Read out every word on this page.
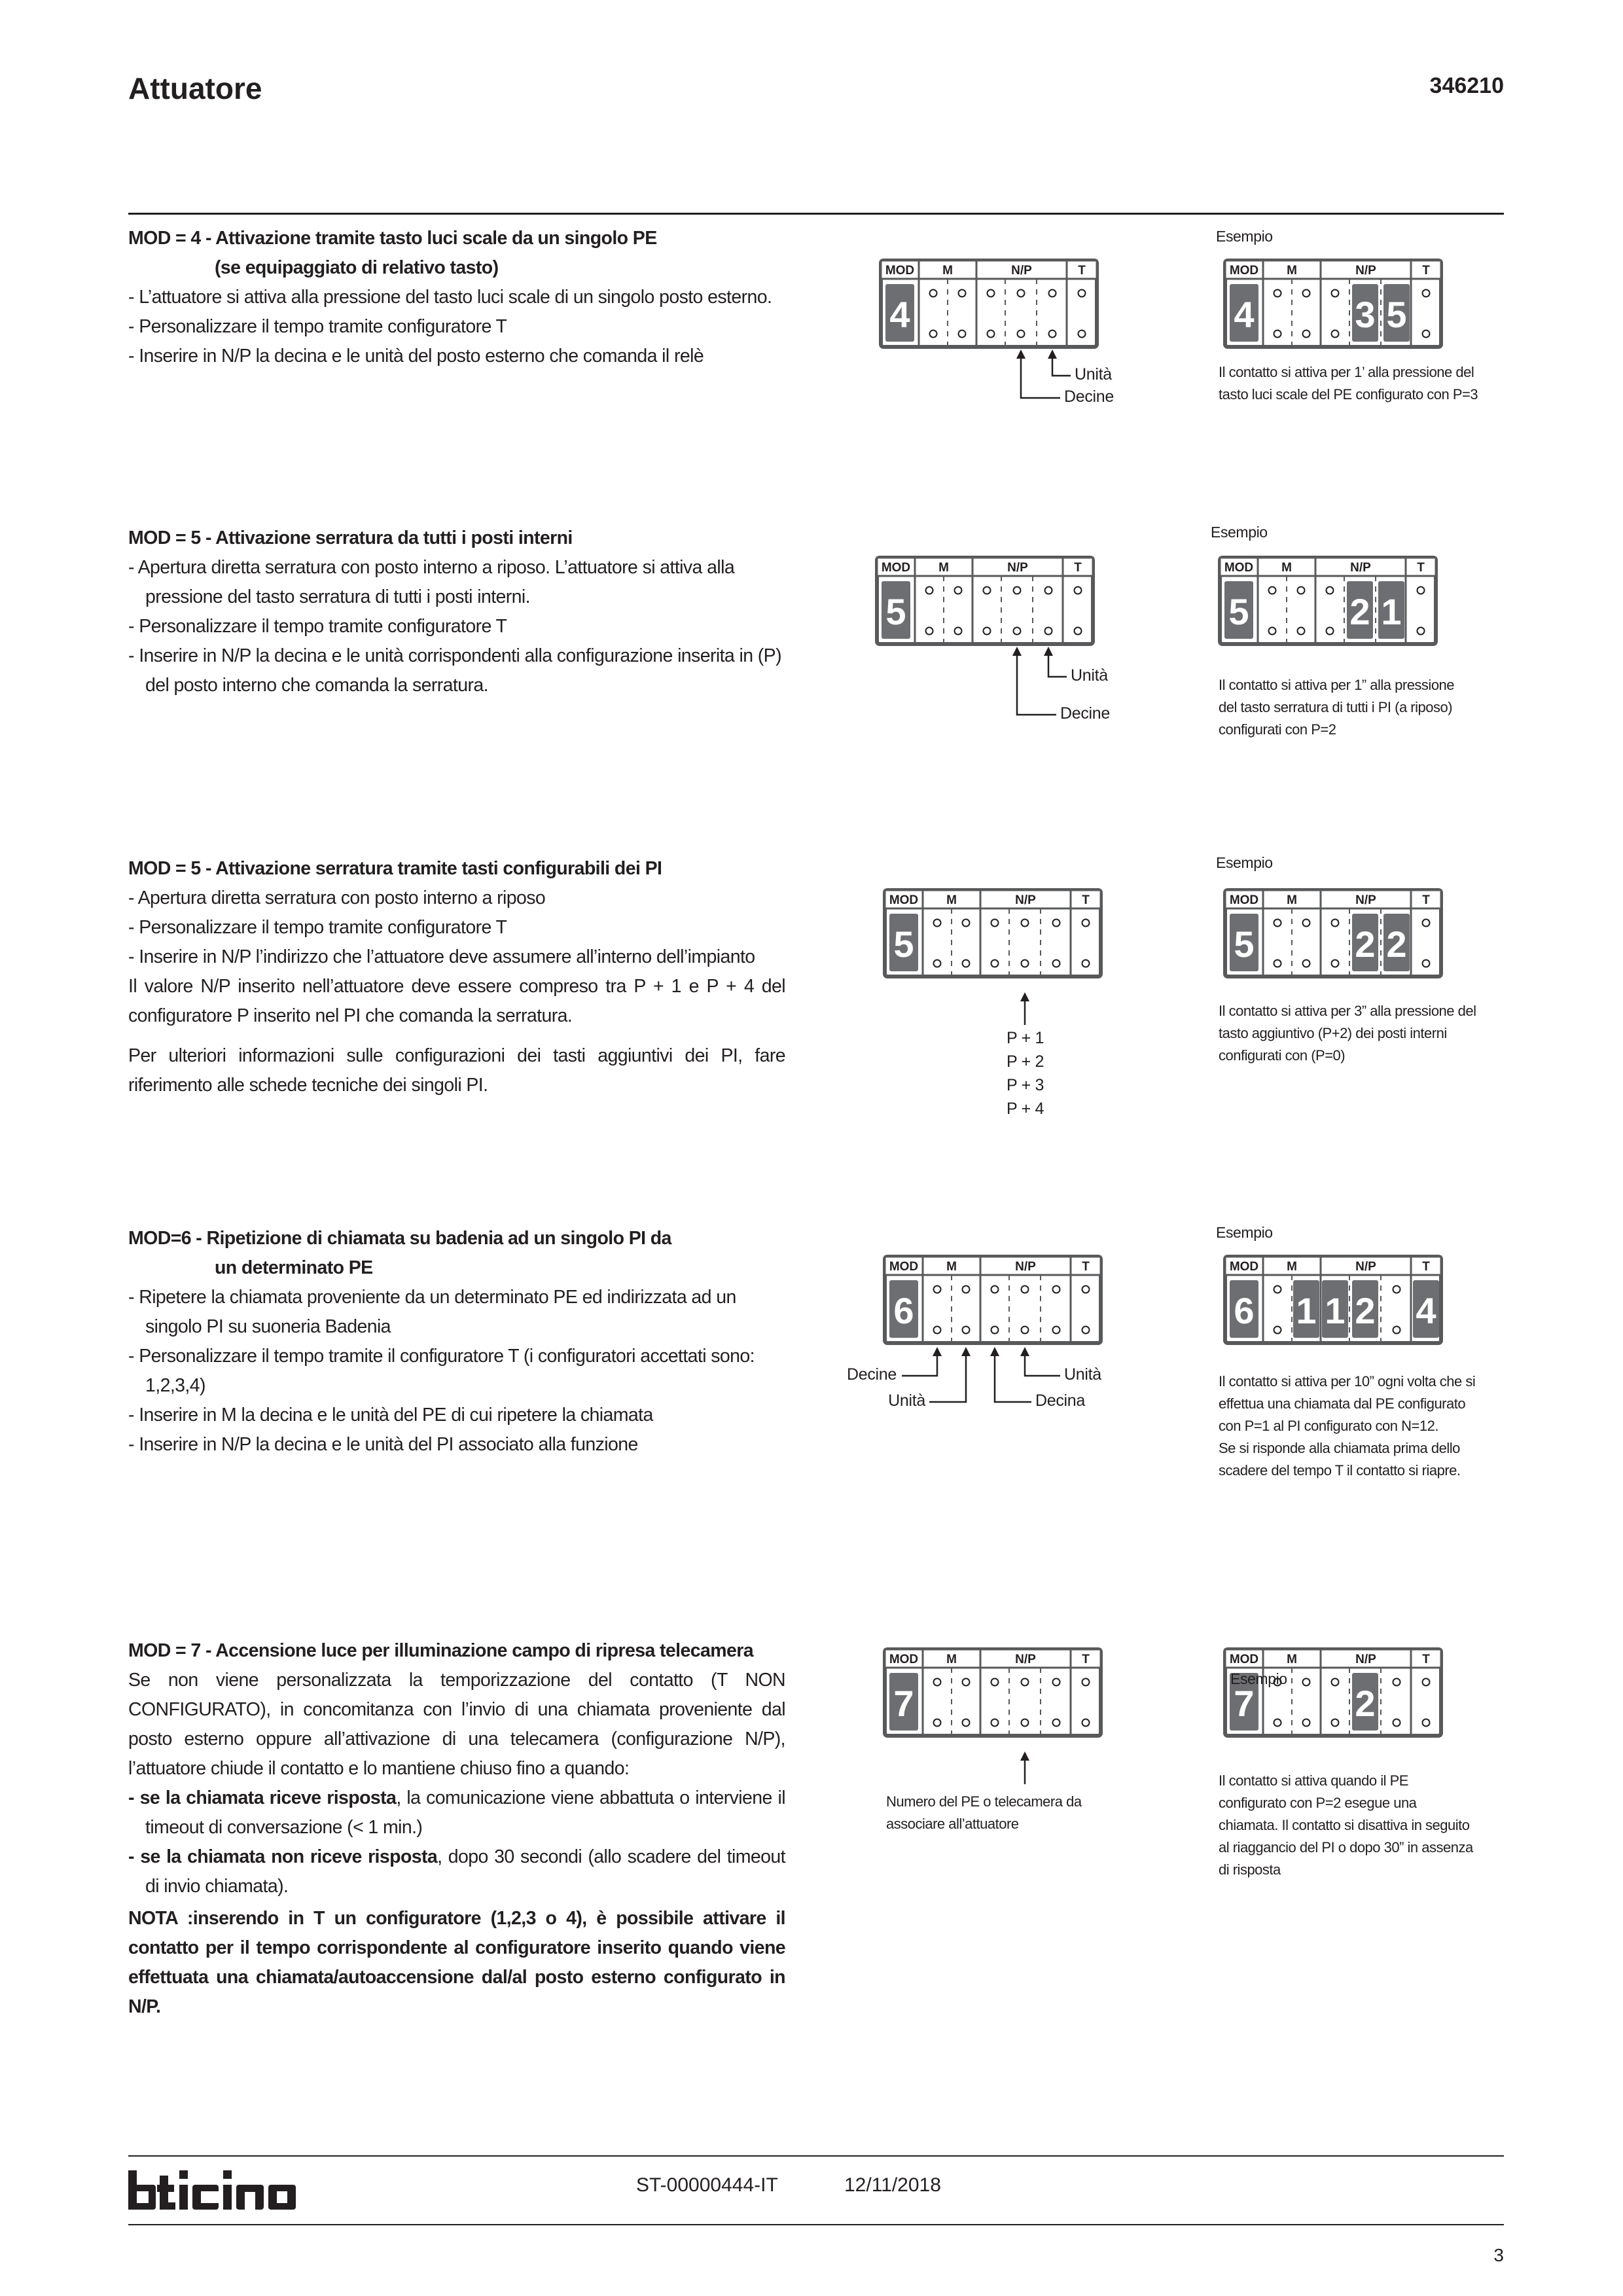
Attuatore	346210
MOD = 4 - Attivazione tramite tasto luci scale da un singolo PE
(se equipaggiato di relativo tasto)
- L’attuatore si attiva alla pressione del tasto luci scale di un singolo posto esterno.
- Personalizzare il tempo tramite configuratore T
- Inserire in N/P la decina e le unità del posto esterno che comanda il relè
MOD M	N/P	T
4
Unità
Decine
Esempio
MOD M	N/P	T
4	3 5
Il contatto si attiva per 1’ alla pressione del
tasto luci scale del PE configurato con P=3
MOD = 5 - Attivazione serratura da tutti i posti interni
- Apertura diretta serratura con posto interno a riposo. L’attuatore si attiva alla pressione del tasto serratura di tutti i posti interni.
- Personalizzare il tempo tramite configuratore T
- Inserire in N/P la decina e le unità corrispondenti alla configurazione inserita in (P) del posto interno che comanda la serratura.
MOD M	N/P	T
5
Unità
Decine
Esempio
MOD M	N/P	T
5	2 1
Il contatto si attiva per 1” alla pressione
del tasto serratura di tutti i PI (a riposo)
configurati con P=2
MOD = 5 - Attivazione serratura tramite tasti configurabili dei PI
- Apertura diretta serratura con posto interno a riposo
- Personalizzare il tempo tramite configuratore T
- Inserire in N/P l’indirizzo che l’attuatore deve assumere all’interno dell’impianto
Il valore N/P inserito nell’attuatore deve essere compreso tra P + 1 e P + 4 del configuratore P inserito nel PI che comanda la serratura.
Per ulteriori informazioni sulle configurazioni dei tasti aggiuntivi dei PI, fare riferimento alle schede tecniche dei singoli PI.
MOD M	N/P	T
5
P + 1
P + 2
P + 3
P + 4
Esempio
MOD M	N/P	T
5	2 2
Il contatto si attiva per 3” alla pressione del
tasto aggiuntivo (P+2) dei posti interni
configurati con (P=0)
MOD=6 - Ripetizione di chiamata su badenia ad un singolo PI da
un determinato PE
- Ripetere la chiamata proveniente da un determinato PE ed indirizzata ad un singolo PI su suoneria Badenia
- Personalizzare il tempo tramite il configuratore T (i configuratori accettati sono: 1,2,3,4)
- Inserire in M la decina e le unità del PE di cui ripetere la chiamata
- Inserire in N/P la decina e le unità del PI associato alla funzione
MOD M	N/P	T
6
Decine
Unità	Decina
Unità
Esempio
MOD M	N/P	T
6 1 1 2 4
Il contatto si attiva per 10” ogni volta che si
effettua una chiamata dal PE configurato
con P=1 al PI configurato con N=12.
Se si risponde alla chiamata prima dello
scadere del tempo T il contatto si riapre.
MOD = 7 - Accensione luce per illuminazione campo di ripresa telecamera
Se non viene personalizzata la temporizzazione del contatto (T NON CONFIGURATO), in concomitanza con l’invio di una chiamata proveniente dal posto esterno oppure all’attivazione di una telecamera (configurazione N/P), l’attuatore chiude il contatto e lo mantiene chiuso fino a quando:
- se la chiamata riceve risposta, la comunicazione viene abbattuta o interviene il timeout di conversazione (< 1 min.)
- se la chiamata non riceve risposta, dopo 30 secondi (allo scadere del timeout di invio chiamata).
NOTA :inserendo in T un configuratore (1,2,3 o 4), è possibile attivare il contatto per il tempo corrispondente al configuratore inserito quando viene effettuata una chiamata/autoaccensione dal/al posto esterno configurato in N/P.
MOD M	N/P	T
7
Numero del PE o telecamera da
associare all’attuatore
Esempio
MOD M	N/P	T
7	2
Il contatto si attiva quando il PE
configurato con P=2 esegue una
chiamata. Il contatto si disattiva in seguito
al riaggancio del PI o dopo 30” in assenza
di risposta
ST-00000444-IT	12/11/2018
3
